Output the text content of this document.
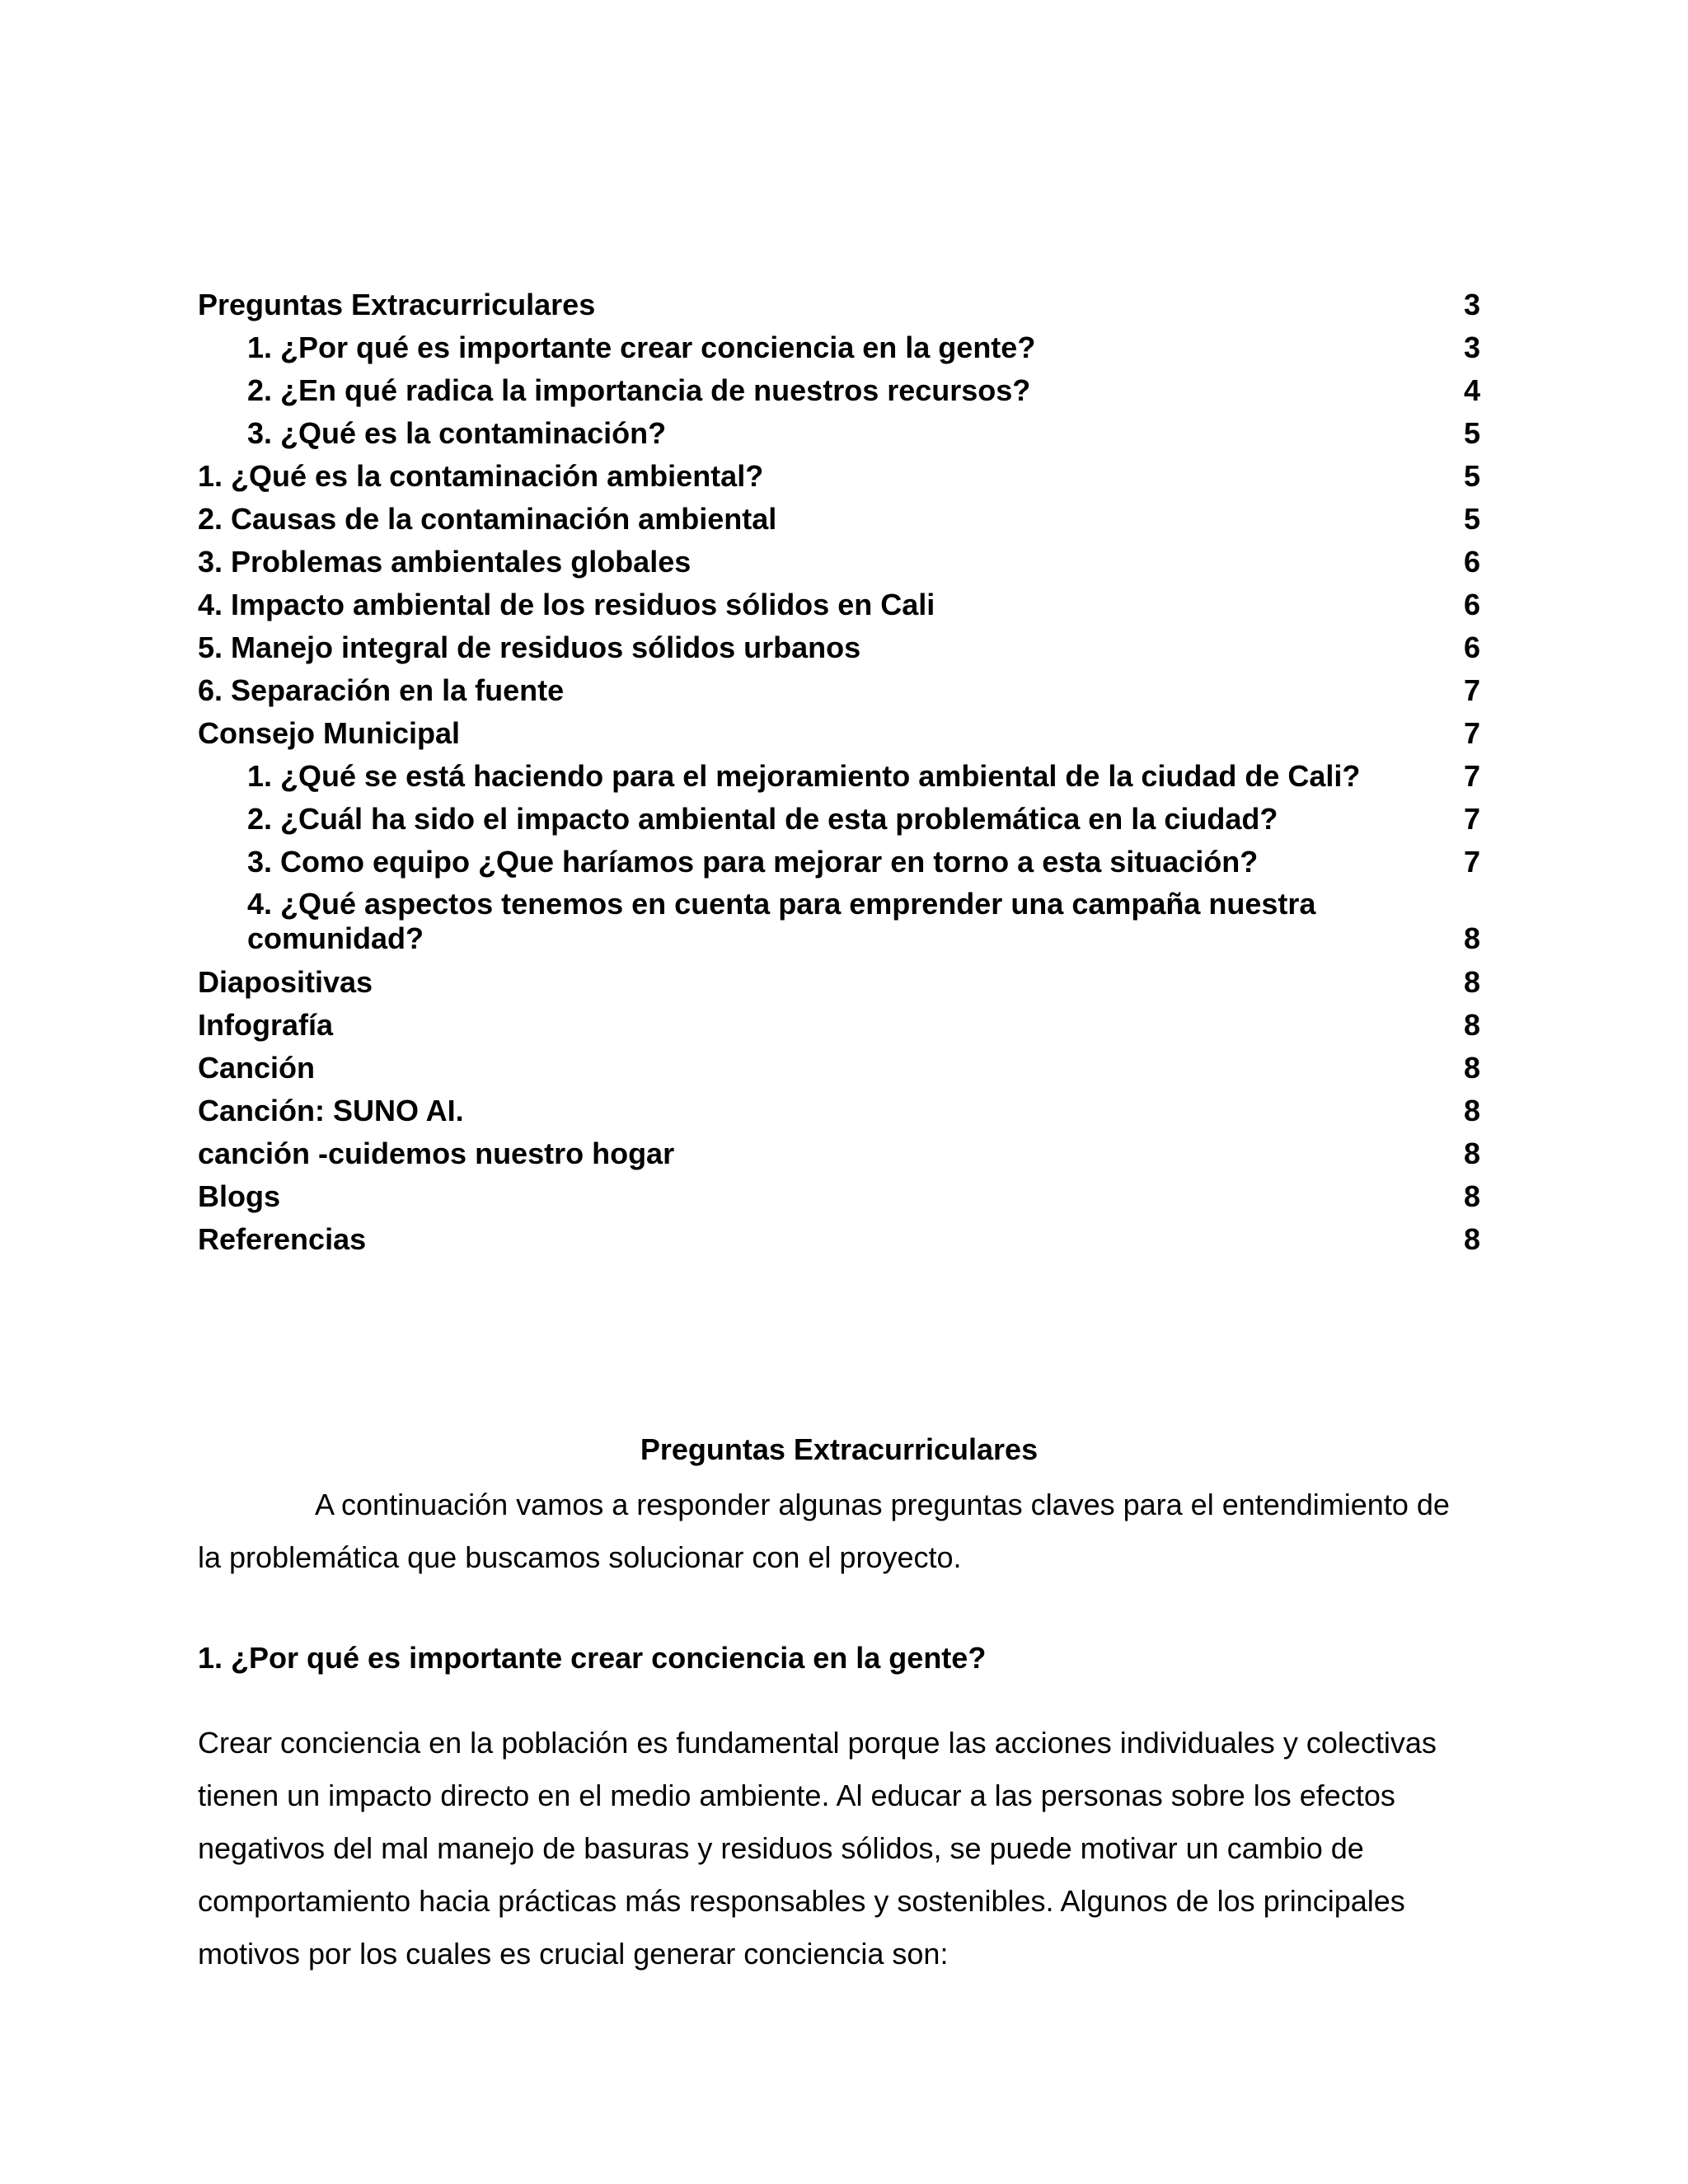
Preguntas Extracurriculares	3
1. ¿Por qué es importante crear conciencia en la gente?	3
2. ¿En qué radica la importancia de nuestros recursos?	4
3. ¿Qué es la contaminación?	5
1. ¿Qué es la contaminación ambiental?	5
2. Causas de la contaminación ambiental	5
3. Problemas ambientales globales	6
4. Impacto ambiental de los residuos sólidos en Cali	6
5. Manejo integral de residuos sólidos urbanos	6
6. Separación en la fuente	7
Consejo Municipal	7
1. ¿Qué se está haciendo para el mejoramiento ambiental de la ciudad de Cali?	7
2. ¿Cuál ha sido el impacto ambiental de esta problemática en la ciudad?	7
3. Como equipo ¿Que haríamos para mejorar en torno a esta situación?	7
4. ¿Qué aspectos tenemos en cuenta para emprender una campaña nuestra comunidad?	8
Diapositivas	8
Infografía	8
Canción	8
Canción: SUNO AI.	8
canción -cuidemos nuestro hogar	8
Blogs	8
Referencias	8
Preguntas Extracurriculares

A continuación vamos a responder algunas preguntas claves para el entendimiento de la problemática que buscamos solucionar con el proyecto.

1. ¿Por qué es importante crear conciencia en la gente?

Crear conciencia en la población es fundamental porque las acciones individuales y colectivas tienen un impacto directo en el medio ambiente. Al educar a las personas sobre los efectos negativos del mal manejo de basuras y residuos sólidos, se puede motivar un cambio de comportamiento hacia prácticas más responsables y sostenibles. Algunos de los principales motivos por los cuales es crucial generar conciencia son:
